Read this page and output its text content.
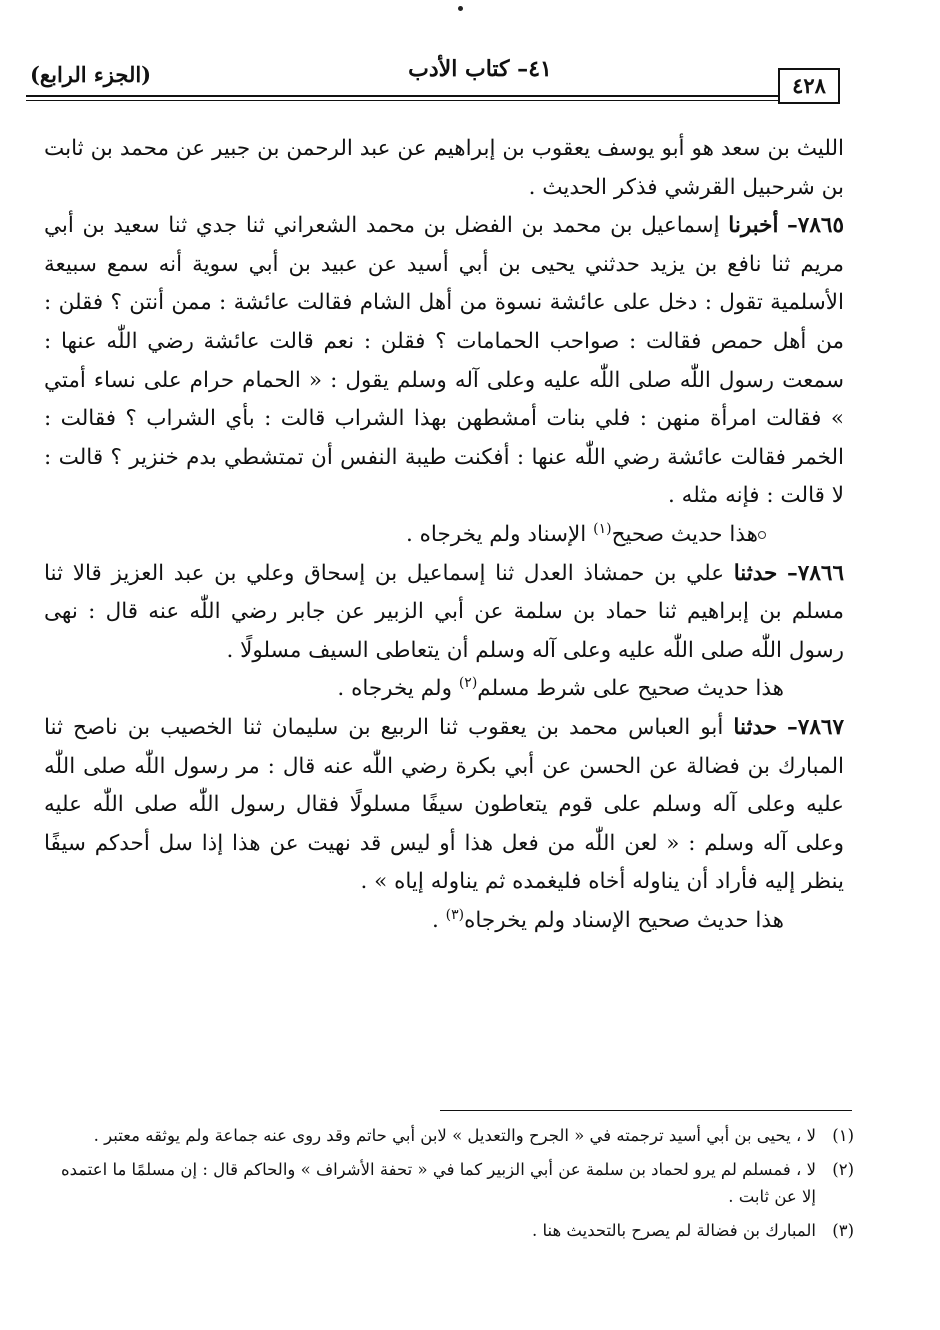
(الجزء الرابع)	٤١– كتاب الأدب
٤٢٨

الليث بن سعد هو أبو يوسف يعقوب بن إبراهيم عن عبد الرحمن بن جبير عن محمد بن ثابت بن شرحبيل القرشي فذكر الحديث .

٧٨٦٥– أخبرنا إسماعيل بن محمد بن الفضل بن محمد الشعراني ثنا جدي ثنا سعيد بن أبي مريم ثنا نافع بن يزيد حدثني يحيى بن أبي أسيد عن عبيد بن أبي سوية أنه سمع سبيعة الأسلمية تقول : دخل على عائشة نسوة من أهل الشام فقالت عائشة : ممن أنتن ؟ فقلن : من أهل حمص فقالت : صواحب الحمامات ؟ فقلن : نعم قالت عائشة رضي اللّٰه عنها : سمعت رسول اللّٰه صلى اللّٰه عليه وعلى آله وسلم يقول : « الحمام حرام على نساء أمتي » فقالت امرأة منهن : فلي بنات أمشطهن بهذا الشراب قالت : بأي الشراب ؟ فقالت : الخمر فقالت عائشة رضي اللّٰه عنها : أفكنت طيبة النفس أن تمتشطي بدم خنزير ؟ قالت : لا قالت : فإنه مثله .

هذا حديث صحيح$^{(١)}$ الإسناد ولم يخرجاه .

٧٨٦٦– حدثنا علي بن حمشاذ العدل ثنا إسماعيل بن إسحاق وعلي بن عبد العزيز قالا ثنا مسلم بن إبراهيم ثنا حماد بن سلمة عن أبي الزبير عن جابر رضي اللّٰه عنه قال : نهى رسول اللّٰه صلى اللّٰه عليه وعلى آله وسلم أن يتعاطى السيف مسلولًا .

هذا حديث صحيح على شرط مسلم$^{(٢)}$ ولم يخرجاه .

٧٨٦٧– حدثنا أبو العباس محمد بن يعقوب ثنا الربيع بن سليمان ثنا الخصيب بن ناصح ثنا المبارك بن فضالة عن الحسن عن أبي بكرة رضي اللّٰه عنه قال : مر رسول اللّٰه صلى اللّٰه عليه وعلى آله وسلم على قوم يتعاطون سيفًا مسلولًا فقال رسول اللّٰه صلى اللّٰه عليه وعلى آله وسلم : « لعن اللّٰه من فعل هذا أو ليس قد نهيت عن هذا إذا سل أحدكم سيفًا ينظر إليه فأراد أن يناوله أخاه فليغمده ثم يناوله إياه » .

هذا حديث صحيح الإسناد ولم يخرجاه$^{(٣)}$ .

(١)
لا ، يحيى بن أبي أسيد ترجمته في « الجرح والتعديل » لابن أبي حاتم وقد روى عنه جماعة ولم يوثقه معتبر .
(٢)
لا ، فمسلم لم يرو لحماد بن سلمة عن أبي الزبير كما في « تحفة الأشراف » والحاكم قال : إن مسلمًا ما اعتمده إلا عن ثابت .
(٣)
المبارك بن فضالة لم يصرح بالتحديث هنا .
